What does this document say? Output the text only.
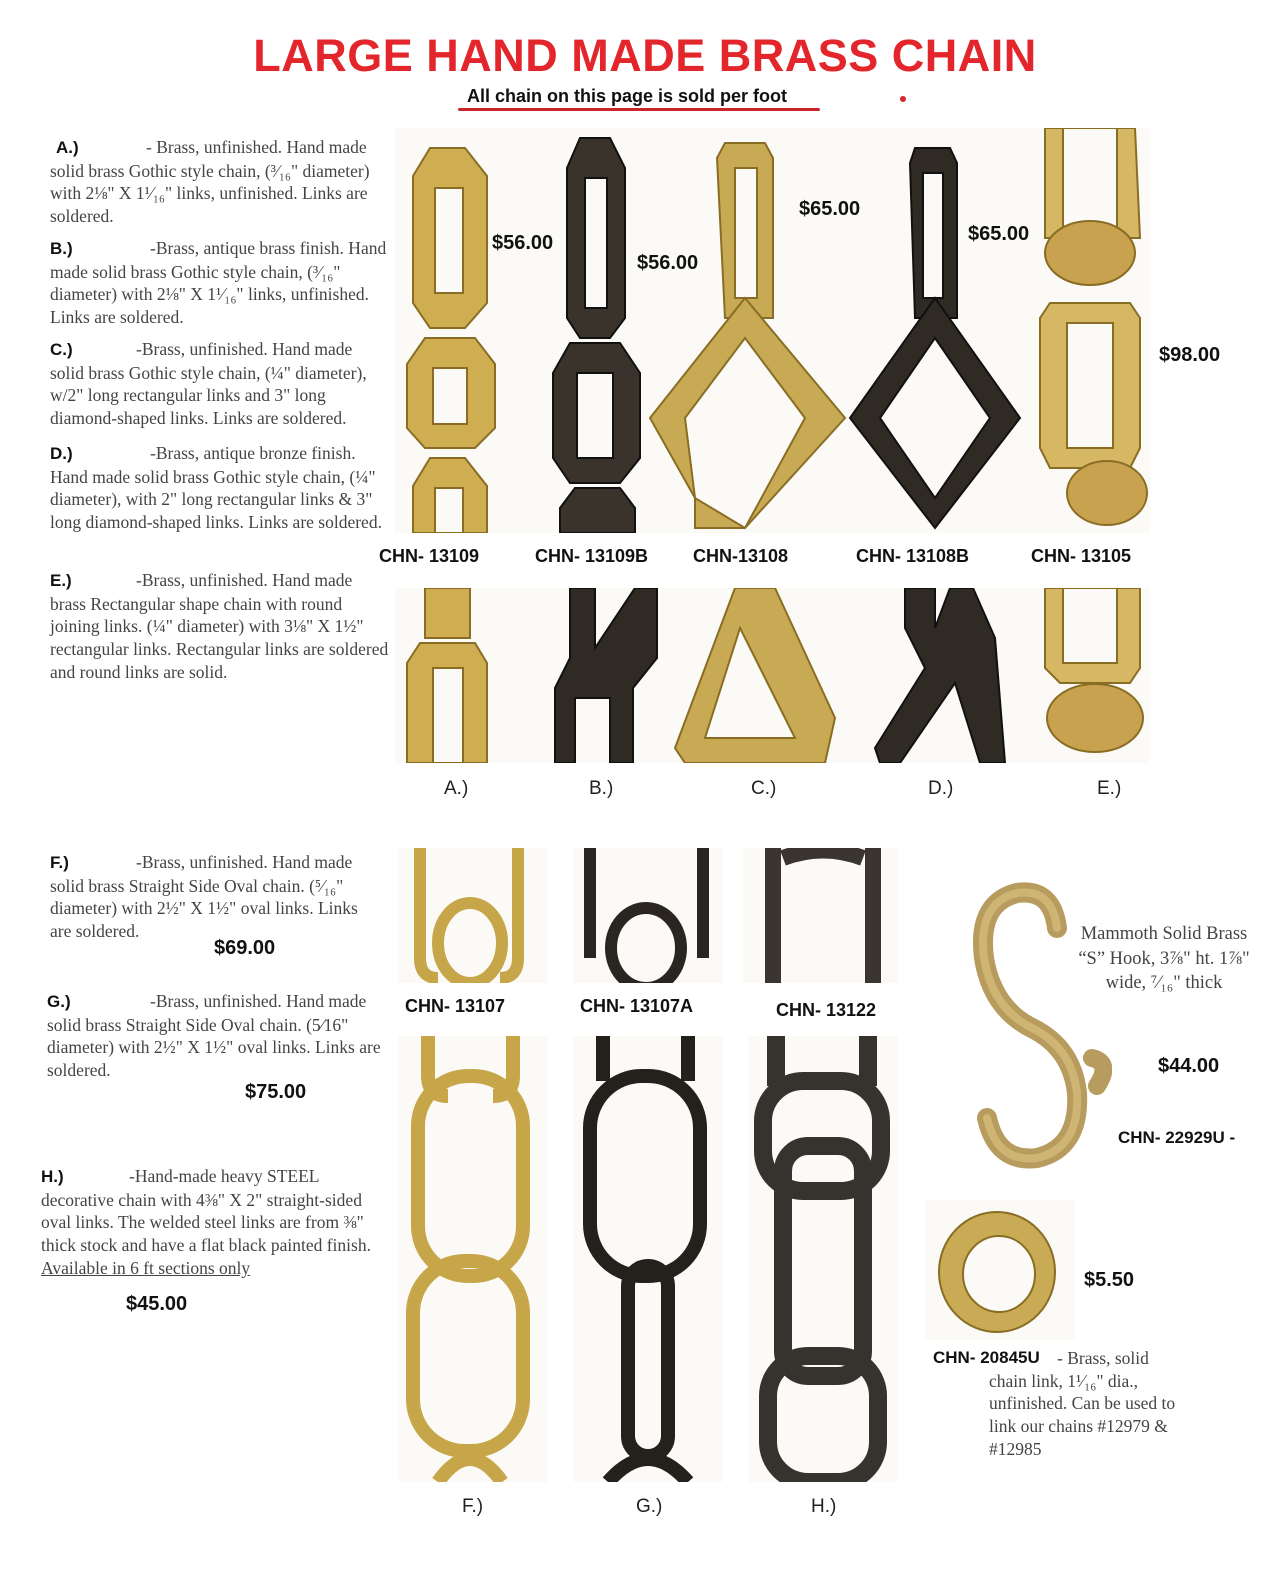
LARGE HAND MADE BRASS CHAIN
All chain on this page is sold per foot
A.)	- Brass, unfinished. Hand made solid brass Gothic style chain, (³⁄₁₆" diameter) with 2⅛" X 1¹⁄₁₆" links, unfinished. Links are soldered.
B.)	-Brass, antique brass finish. Hand made solid brass Gothic style chain, (³⁄₁₆" diameter) with 2⅛" X 1¹⁄₁₆" links, unfinished. Links are soldered.
C.)	-Brass, unfinished. Hand made solid brass Gothic style chain, (¼" diameter), w/2" long rectangular links and 3" long diamond-shaped links. Links are soldered.
D.)	-Brass, antique bronze finish. Hand made solid brass Gothic style chain, (¼" diameter), with 2" long rectangular links & 3" long diamond-shaped links. Links are soldered.
E.)	-Brass, unfinished. Hand made brass Rectangular shape chain with round joining links. (¼" diameter) with 3⅛" X 1½" rectangular links. Rectangular links are soldered and round links are solid.
$56.00
$56.00
$65.00
$65.00
$98.00
CHN- 13109	CHN- 13109B CHN-13108	CHN- 13108B	CHN- 13105
A.)	B.)	C.)	D.)	E.)
F.)	-Brass, unfinished. Hand made solid brass Straight Side Oval chain. (⁵⁄₁₆" diameter) with 2½" X 1½" oval links. Links are soldered.
$69.00
G.)	-Brass, unfinished. Hand made solid brass Straight Side Oval chain. (5⁄16" diameter) with 2½" X 1½" oval links. Links are soldered.
$75.00
H.)	-Hand-made heavy STEEL decorative chain with 4⅜" X 2" straight-sided oval links. The welded steel links are from ⅜" thick stock and have a flat black painted finish. Available in 6 ft sections only
$45.00
CHN- 13107	CHN- 13107A	CHN- 13122
F.)	G.)	H.)
Mammoth Solid Brass “S” Hook, 3⅞" ht. 1⅞" wide, ⁷⁄₁₆" thick
$44.00
CHN- 22929U -
$5.50
CHN- 20845U - Brass, solid chain link, 1¹⁄₁₆" dia., unfinished. Can be used to link our chains #12979 & #12985
